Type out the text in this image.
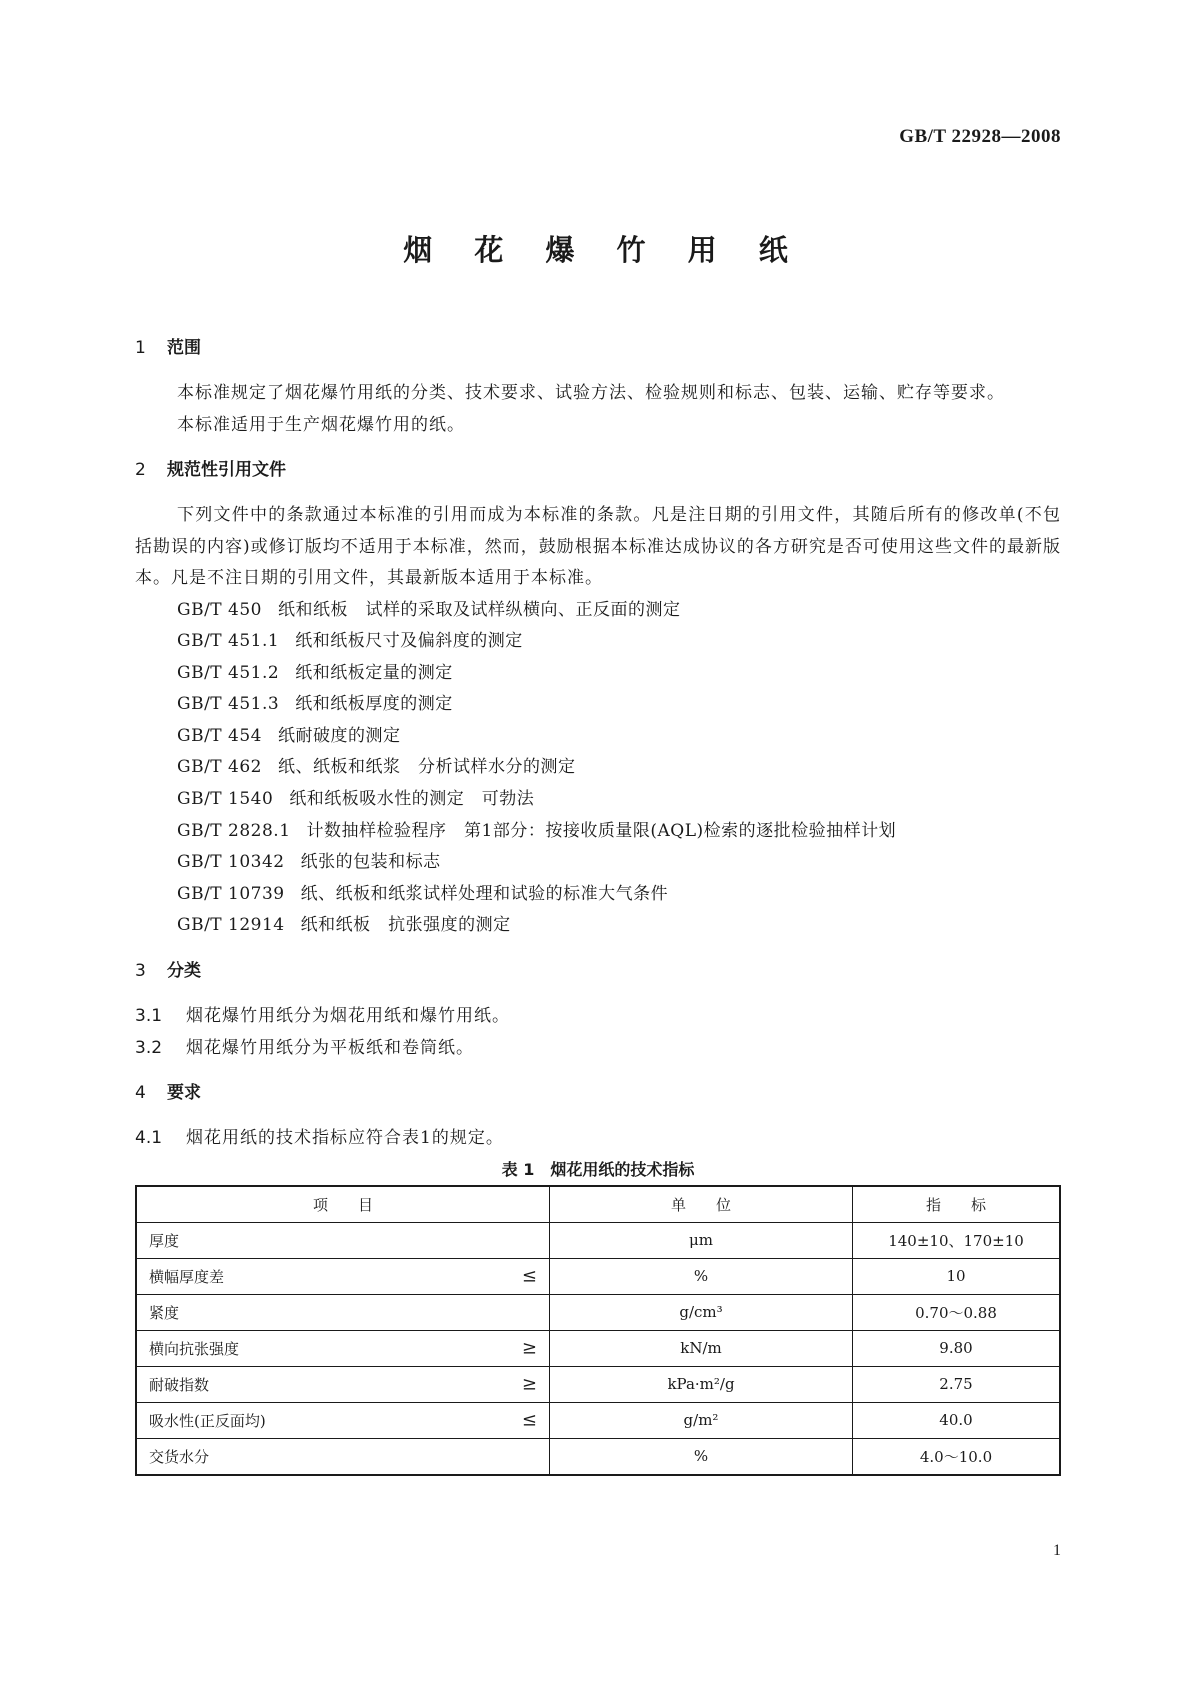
GB/T 22928—2008
烟 花 爆 竹 用 纸
1 范围

本标准规定了烟花爆竹用纸的分类、技术要求、试验方法、检验规则和标志、包装、运输、贮存等要求。

本标准适用于生产烟花爆竹用的纸。

2 规范性引用文件

下列文件中的条款通过本标准的引用而成为本标准的条款。凡是注日期的引用文件，其随后所有的修改单(不包括勘误的内容)或修订版均不适用于本标准，然而，鼓励根据本标准达成协议的各方研究是否可使用这些文件的最新版本。凡是不注日期的引用文件，其最新版本适用于本标准。

GB/T 450 纸和纸板　试样的采取及试样纵横向、正反面的测定

GB/T 451.1 纸和纸板尺寸及偏斜度的测定

GB/T 451.2 纸和纸板定量的测定

GB/T 451.3 纸和纸板厚度的测定

GB/T 454 纸耐破度的测定

GB/T 462 纸、纸板和纸浆　分析试样水分的测定

GB/T 1540 纸和纸板吸水性的测定　可勃法

GB/T 2828.1 计数抽样检验程序　第1部分：按接收质量限(AQL)检索的逐批检验抽样计划

GB/T 10342 纸张的包装和标志

GB/T 10739 纸、纸板和纸浆试样处理和试验的标准大气条件

GB/T 12914 纸和纸板　抗张强度的测定

3 分类

3.1 烟花爆竹用纸分为烟花用纸和爆竹用纸。

3.2 烟花爆竹用纸分为平板纸和卷筒纸。

4 要求

4.1 烟花用纸的技术指标应符合表1的规定。

表 1　烟花用纸的技术指标

项目	单位	指标
厚度	μm	140±10、170±10
横幅厚度差 ≤	%	10
紧度	g/cm³	0.70～0.88
横向抗张强度 ≥	kN/m	9.80
耐破指数 ≥	kPa·m²/g	2.75
吸水性(正反面均) ≤	g/m²	40.0
交货水分	%	4.0～10.0
1
